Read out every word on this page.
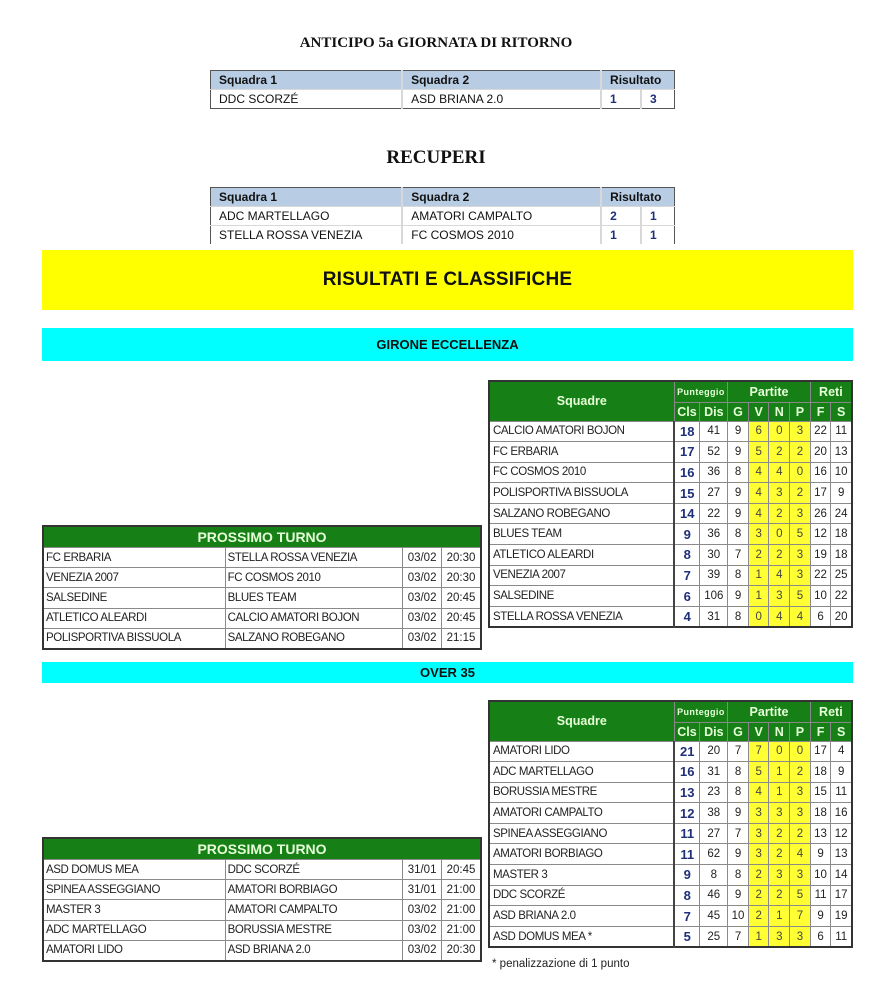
ANTICIPO 5a GIORNATA DI RITORNO
Squadra 1	Squadra 2	Risultato	
DDC SCORZÉ	ASD BRIANA 2.0	1	3
RECUPERI
Squadra 1	Squadra 2	Risultato	
ADC MARTELLAGO	AMATORI CAMPALTO	2	1
STELLA ROSSA VENEZIA	FC COSMOS 2010	1	1
RISULTATI E CLASSIFICHE
GIRONE ECCELLENZA
Squadre	Punteggio		Partite				Reti	
	Cls	Dis	G	V	N	P	F	S
CALCIO AMATORI BOJON	18	41	9	6	0	3	22	11
FC ERBARIA	17	52	9	5	2	2	20	13
FC COSMOS 2010	16	36	8	4	4	0	16	10
POLISPORTIVA BISSUOLA	15	27	9	4	3	2	17	9
SALZANO ROBEGANO	14	22	9	4	2	3	26	24
BLUES TEAM	9	36	8	3	0	5	12	18
ATLETICO ALEARDI	8	30	7	2	2	3	19	18
VENEZIA 2007	7	39	8	1	4	3	22	25
SALSEDINE	6	106	9	1	3	5	10	22
STELLA ROSSA VENEZIA	4	31	8	0	4	4	6	20
PROSSIMO TURNO			
FC ERBARIA	STELLA ROSSA VENEZIA	03/02	20:30
VENEZIA 2007	FC COSMOS 2010	03/02	20:30
SALSEDINE	BLUES TEAM	03/02	20:45
ATLETICO ALEARDI	CALCIO AMATORI BOJON	03/02	20:45
POLISPORTIVA BISSUOLA	SALZANO ROBEGANO	03/02	21:15
OVER 35
Squadre	Punteggio		Partite				Reti	
	Cls	Dis	G	V	N	P	F	S
AMATORI LIDO	21	20	7	7	0	0	17	4
ADC MARTELLAGO	16	31	8	5	1	2	18	9
BORUSSIA MESTRE	13	23	8	4	1	3	15	11
AMATORI CAMPALTO	12	38	9	3	3	3	18	16
SPINEA ASSEGGIANO	11	27	7	3	2	2	13	12
AMATORI BORBIAGO	11	62	9	3	2	4	9	13
MASTER 3	9	8	8	2	3	3	10	14
DDC SCORZÉ	8	46	9	2	2	5	11	17
ASD BRIANA 2.0	7	45	10	2	1	7	9	19
ASD DOMUS MEA *	5	25	7	1	3	3	6	11
PROSSIMO TURNO			
ASD DOMUS MEA	DDC SCORZÉ	31/01	20:45
SPINEA ASSEGGIANO	AMATORI BORBIAGO	31/01	21:00
MASTER 3	AMATORI CAMPALTO	03/02	21:00
ADC MARTELLAGO	BORUSSIA MESTRE	03/02	21:00
AMATORI LIDO	ASD BRIANA 2.0	03/02	20:30
* penalizzazione di 1 punto
